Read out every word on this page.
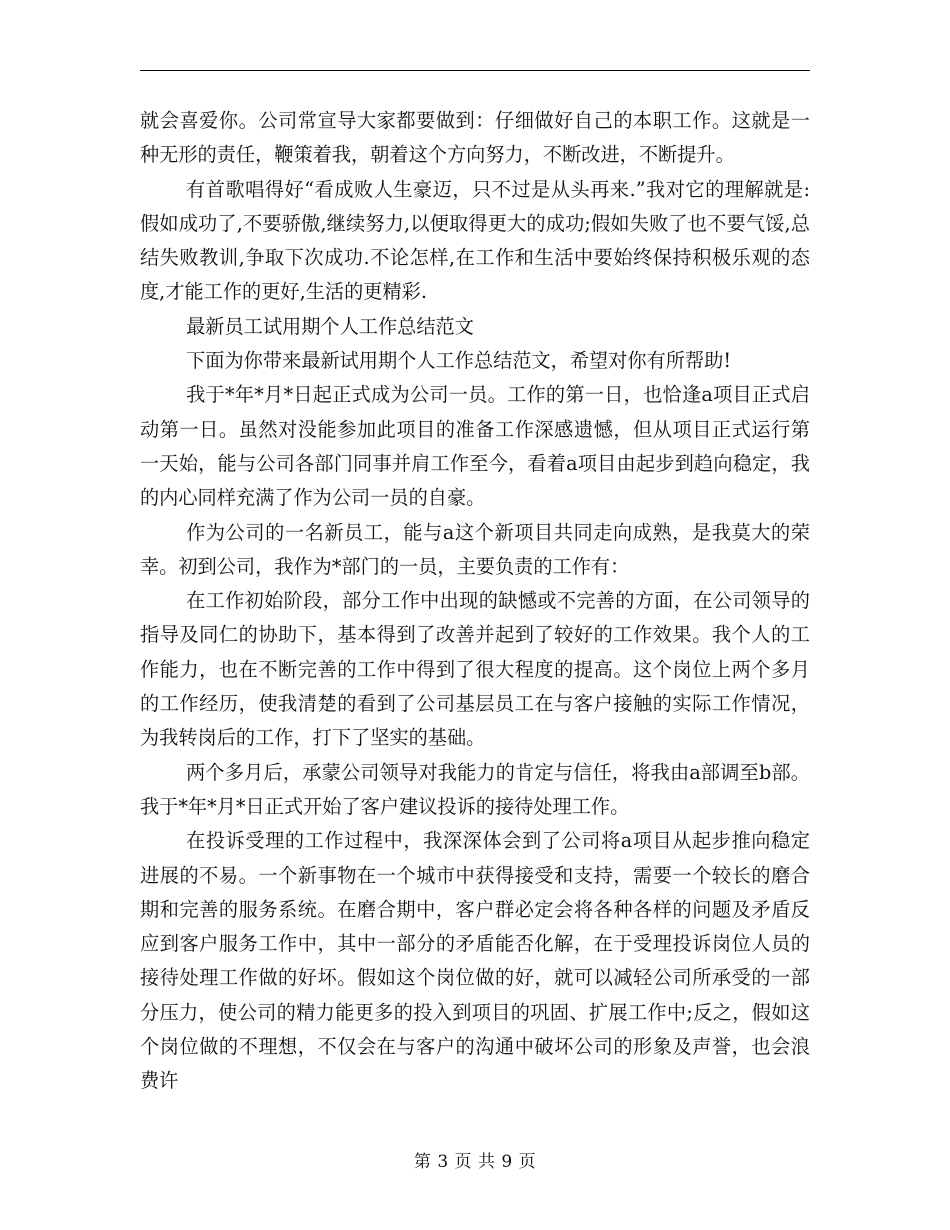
就会喜爱你。公司常宣导大家都要做到：仔细做好自己的本职工作。这就是一种无形的责任，鞭策着我，朝着这个方向努力，不断改进，不断提升。

有首歌唱得好“看成败人生豪迈，只不过是从头再来.”我对它的理解就是:假如成功了,不要骄傲,继续努力,以便取得更大的成功;假如失败了也不要气馁,总结失败教训,争取下次成功.不论怎样,在工作和生活中要始终保持积极乐观的态度,才能工作的更好,生活的更精彩.

最新员工试用期个人工作总结范文

下面为你带来最新试用期个人工作总结范文，希望对你有所帮助!

我于*年*月*日起正式成为公司一员。工作的第一日，也恰逢a项目正式启动第一日。虽然对没能参加此项目的准备工作深感遗憾，但从项目正式运行第一天始，能与公司各部门同事并肩工作至今，看着a项目由起步到趋向稳定，我的内心同样充满了作为公司一员的自豪。

作为公司的一名新员工，能与a这个新项目共同走向成熟，是我莫大的荣幸。初到公司，我作为*部门的一员，主要负责的工作有：

在工作初始阶段，部分工作中出现的缺憾或不完善的方面，在公司领导的指导及同仁的协助下，基本得到了改善并起到了较好的工作效果。我个人的工作能力，也在不断完善的工作中得到了很大程度的提高。这个岗位上两个多月的工作经历，使我清楚的看到了公司基层员工在与客户接触的实际工作情况，为我转岗后的工作，打下了坚实的基础。

两个多月后，承蒙公司领导对我能力的肯定与信任，将我由a部调至b部。我于*年*月*日正式开始了客户建议投诉的接待处理工作。

在投诉受理的工作过程中，我深深体会到了公司将a项目从起步推向稳定进展的不易。一个新事物在一个城市中获得接受和支持，需要一个较长的磨合期和完善的服务系统。在磨合期中，客户群必定会将各种各样的问题及矛盾反应到客户服务工作中，其中一部分的矛盾能否化解，在于受理投诉岗位人员的接待处理工作做的好坏。假如这个岗位做的好，就可以减轻公司所承受的一部分压力，使公司的精力能更多的投入到项目的巩固、扩展工作中;反之，假如这个岗位做的不理想，不仅会在与客户的沟通中破坏公司的形象及声誉，也会浪费许

第 3 页 共 9 页
